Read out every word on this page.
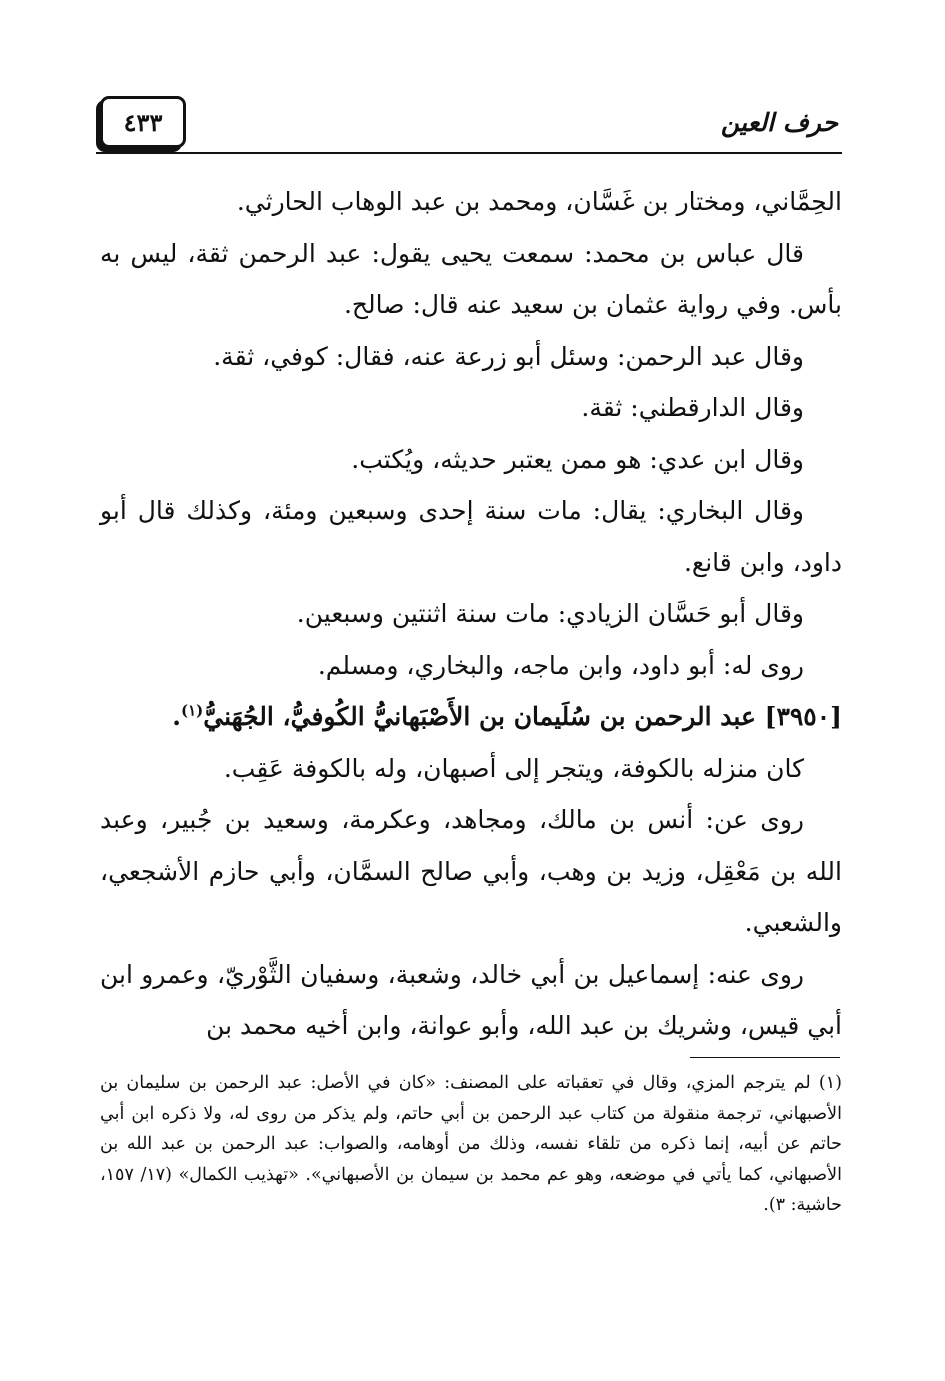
٤٣٣	حرف العين

الحِمَّاني، ومختار بن غَسَّان، ومحمد بن عبد الوهاب الحارثي.

قال عباس بن محمد: سمعت يحيى يقول: عبد الرحمن ثقة، ليس به بأس. وفي رواية عثمان بن سعيد عنه قال: صالح.

وقال عبد الرحمن: وسئل أبو زرعة عنه، فقال: كوفي، ثقة.

وقال الدارقطني: ثقة.

وقال ابن عدي: هو ممن يعتبر حديثه، ويُكتب.

وقال البخاري: يقال: مات سنة إحدى وسبعين ومئة، وكذلك قال أبو داود، وابن قانع.

وقال أبو حَسَّان الزيادي: مات سنة اثنتين وسبعين.

روى له: أبو داود، وابن ماجه، والبخاري، ومسلم.

[٣٩٥٠] عبد الرحمن بن سُلَيمان بن الأَصْبَهانيُّ الكُوفيُّ، الجُهَنيُّ$^{(١)}$.

كان منزله بالكوفة، ويتجر إلى أصبهان، وله بالكوفة عَقِب.

روى عن: أنس بن مالك، ومجاهد، وعكرمة، وسعيد بن جُبير، وعبد الله بن مَعْقِل، وزيد بن وهب، وأبي صالح السمَّان، وأبي حازم الأشجعي، والشعبي.

روى عنه: إسماعيل بن أبي خالد، وشعبة، وسفيان الثَّوْريّ، وعمرو ابن أبي قيس، وشريك بن عبد الله، وأبو عوانة، وابن أخيه محمد بن

(١) لم يترجم المزي، وقال في تعقباته على المصنف: «كان في الأصل: عبد الرحمن بن سليمان بن الأصبهاني، ترجمة منقولة من كتاب عبد الرحمن بن أبي حاتم، ولم يذكر من روى له، ولا ذكره ابن أبي حاتم عن أبيه، إنما ذكره من تلقاء نفسه، وذلك من أوهامه، والصواب: عبد الرحمن بن عبد الله بن الأصبهاني، كما يأتي في موضعه، وهو عم محمد بن سيمان بن الأصبهاني». «تهذيب الكمال» (١٧/ ١٥٧، حاشية: ٣).
